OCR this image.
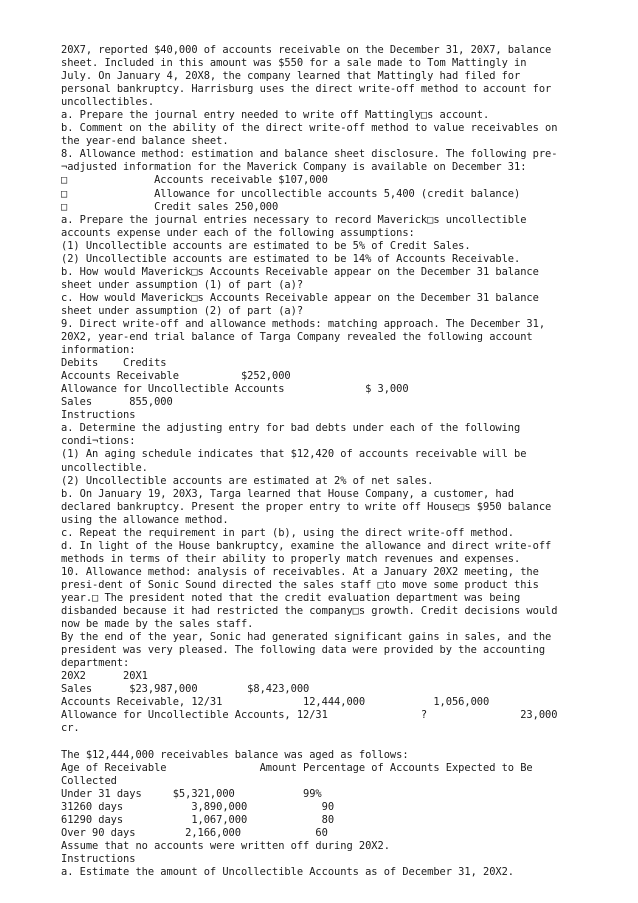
20X7, reported $40,000 of accounts receivable on the December 31, 20X7, balance
sheet. Included in this amount was $550 for a sale made to Tom Mattingly in
July. On January 4, 20X8, the company learned that Mattingly had filed for
personal bankruptcy. Harrisburg uses the direct write-off method to account for
uncollectibles.
a. Prepare the journal entry needed to write off Mattingly□s account.
b. Comment on the ability of the direct write-off method to value receivables on
the year-end balance sheet.
8. Allowance method: estimation and balance sheet disclosure. The following pre-
¬adjusted information for the Maverick Company is available on December 31:
□              Accounts receivable $107,000
□              Allowance for uncollectible accounts 5,400 (credit balance)
□              Credit sales 250,000
a. Prepare the journal entries necessary to record Maverick□s uncollectible
accounts expense under each of the following assumptions:
(1) Uncollectible accounts are estimated to be 5% of Credit Sales.
(2) Uncollectible accounts are estimated to be 14% of Accounts Receivable.
b. How would Maverick□s Accounts Receivable appear on the December 31 balance
sheet under assumption (1) of part (a)?
c. How would Maverick□s Accounts Receivable appear on the December 31 balance
sheet under assumption (2) of part (a)?
9. Direct write-off and allowance methods: matching approach. The December 31,
20X2, year-end trial balance of Targa Company revealed the following account
information:
Debits    Credits
Accounts Receivable          $252,000
Allowance for Uncollectible Accounts             $ 3,000
Sales      855,000
Instructions
a. Determine the adjusting entry for bad debts under each of the following
condi¬tions:
(1) An aging schedule indicates that $12,420 of accounts receivable will be
uncollectible.
(2) Uncollectible accounts are estimated at 2% of net sales.
b. On January 19, 20X3, Targa learned that House Company, a customer, had
declared bankruptcy. Present the proper entry to write off House□s $950 balance
using the allowance method.
c. Repeat the requirement in part (b), using the direct write-off method.
d. In light of the House bankruptcy, examine the allowance and direct write-off
methods in terms of their ability to properly match revenues and expenses.
10. Allowance method: analysis of receivables. At a January 20X2 meeting, the
presi-dent of Sonic Sound directed the sales staff □to move some product this
year.□ The president noted that the credit evaluation department was being
disbanded because it had restricted the company□s growth. Credit decisions would
now be made by the sales staff.
By the end of the year, Sonic had generated significant gains in sales, and the
president was very pleased. The following data were provided by the accounting
department:
20X2      20X1
Sales      $23,987,000        $8,423,000
Accounts Receivable, 12/31             12,444,000           1,056,000
Allowance for Uncollectible Accounts, 12/31               ?               23,000
cr.
The $12,444,000 receivables balance was aged as follows:
Age of Receivable               Amount Percentage of Accounts Expected to Be
Collected
Under 31 days     $5,321,000           99%
31260 days           3,890,000            90
61290 days           1,067,000            80
Over 90 days        2,166,000            60
Assume that no accounts were written off during 20X2.
Instructions
a. Estimate the amount of Uncollectible Accounts as of December 31, 20X2.
